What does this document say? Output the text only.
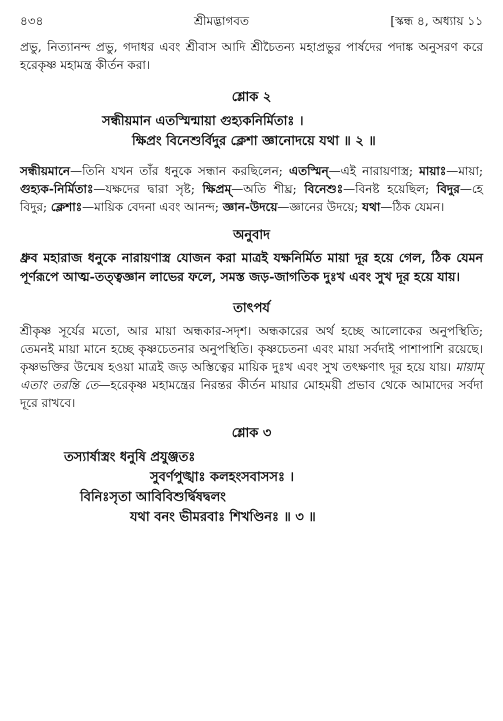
৪৩৪	শ্রীমদ্ভাগবত	[স্কন্ধ ৪, অধ্যায় ১১

প্রভু, নিত্যানন্দ প্রভু, গদাধর এবং শ্রীবাস আদি শ্রীচৈতন্য মহাপ্রভুর পার্ষদের পদাঙ্ক অনুসরণ করে হরেকৃষ্ণ মহামন্ত্র কীর্তন করা।

শ্লোক ২
সন্ধীয়মান এতস্মিন্মায়া গুহ্যকনির্মিতাঃ ।
ক্ষিপ্রং বিনেশুর্বিদুর ক্লেশা জ্ঞানোদয়ে যথা ॥ ২ ॥

সন্ধীয়মানে—তিনি যখন তাঁর ধনুকে সন্ধান করছিলেন; এতস্মিন্—এই নারায়ণাস্ত্র; মায়াঃ—মায়া; গুহ্যক-নির্মিতাঃ—যক্ষদের দ্বারা সৃষ্ট; ক্ষিপ্রম্—অতি শীঘ্র; বিনেশুঃ—বিনষ্ট হয়েছিল; বিদুর—হে বিদুর; ক্লেশাঃ—মায়িক বেদনা এবং আনন্দ; জ্ঞান-উদয়ে—জ্ঞানের উদয়ে; যথা—ঠিক যেমন।

অনুবাদ

ধ্রুব মহারাজ ধনুকে নারায়ণাস্ত্র যোজন করা মাত্রই যক্ষনির্মিত মায়া দূর হয়ে গেল, ঠিক যেমন পূর্ণরূপে আত্ম-তত্ত্বজ্ঞান লাভের ফলে, সমস্ত জড়-জাগতিক দুঃখ এবং সুখ দূর হয়ে যায়।

তাৎপর্য

শ্রীকৃষ্ণ সূর্যের মতো, আর মায়া অন্ধকার-সদৃশ। অন্ধকারের অর্থ হচ্ছে আলোকের অনুপস্থিতি; তেমনই মায়া মানে হচ্ছে কৃষ্ণচেতনার অনুপস্থিতি। কৃষ্ণচেতনা এবং মায়া সর্বদাই পাশাপাশি রয়েছে। কৃষ্ণভক্তির উন্মেষ হওয়া মাত্রই জড় অস্তিত্বের মায়িক দুঃখ এবং সুখ তৎক্ষণাৎ দূর হয়ে যায়। মায়াম্ এতাং তরন্তি তে—হরেকৃষ্ণ মহামন্ত্রের নিরন্তর কীর্তন মায়ার মোহময়ী প্রভাব থেকে আমাদের সর্বদা দূরে রাখবে।

শ্লোক ৩
তস্যার্ষাস্ত্রং ধনুষি প্রযুঞ্জতঃ
সুবর্ণপুঙ্খাঃ কলহংসবাসসঃ ।
বিনিঃসৃতা আবিবিশুর্দ্বিষদ্বলং
যথা বনং ভীমরবাঃ শিখণ্ডিনঃ ॥ ৩ ॥
